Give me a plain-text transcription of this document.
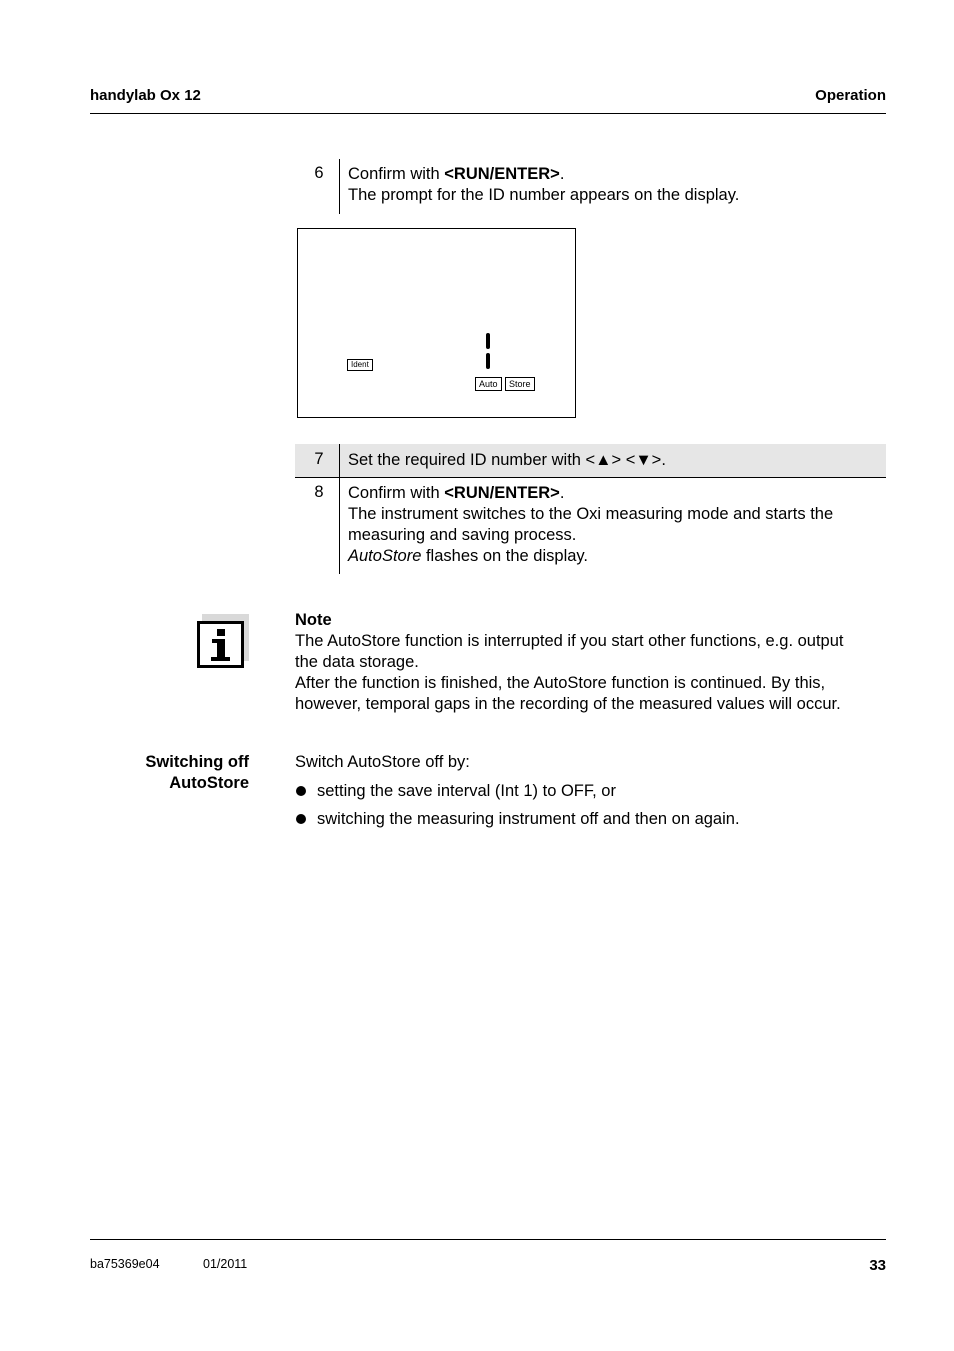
handylab Ox 12	Operation
6	Confirm with <RUN/ENTER>.
The prompt for the ID number appears on the display.
Ident
Auto	Store
7	Set the required ID number with <▲> <▼>.
8	Confirm with <RUN/ENTER>.
The instrument switches to the Oxi measuring mode and starts the
measuring and saving process.
AutoStore flashes on the display.
Note
The AutoStore function is interrupted if you start other functions, e.g. output
the data storage.
After the function is finished, the AutoStore function is continued. By this,
however, temporal gaps in the recording of the measured values will occur.
Switching off
AutoStore
Switch AutoStore off by:
setting the save interval (Int 1) to OFF, or
switching the measuring instrument off and then on again.
ba75369e04	01/2011	33
